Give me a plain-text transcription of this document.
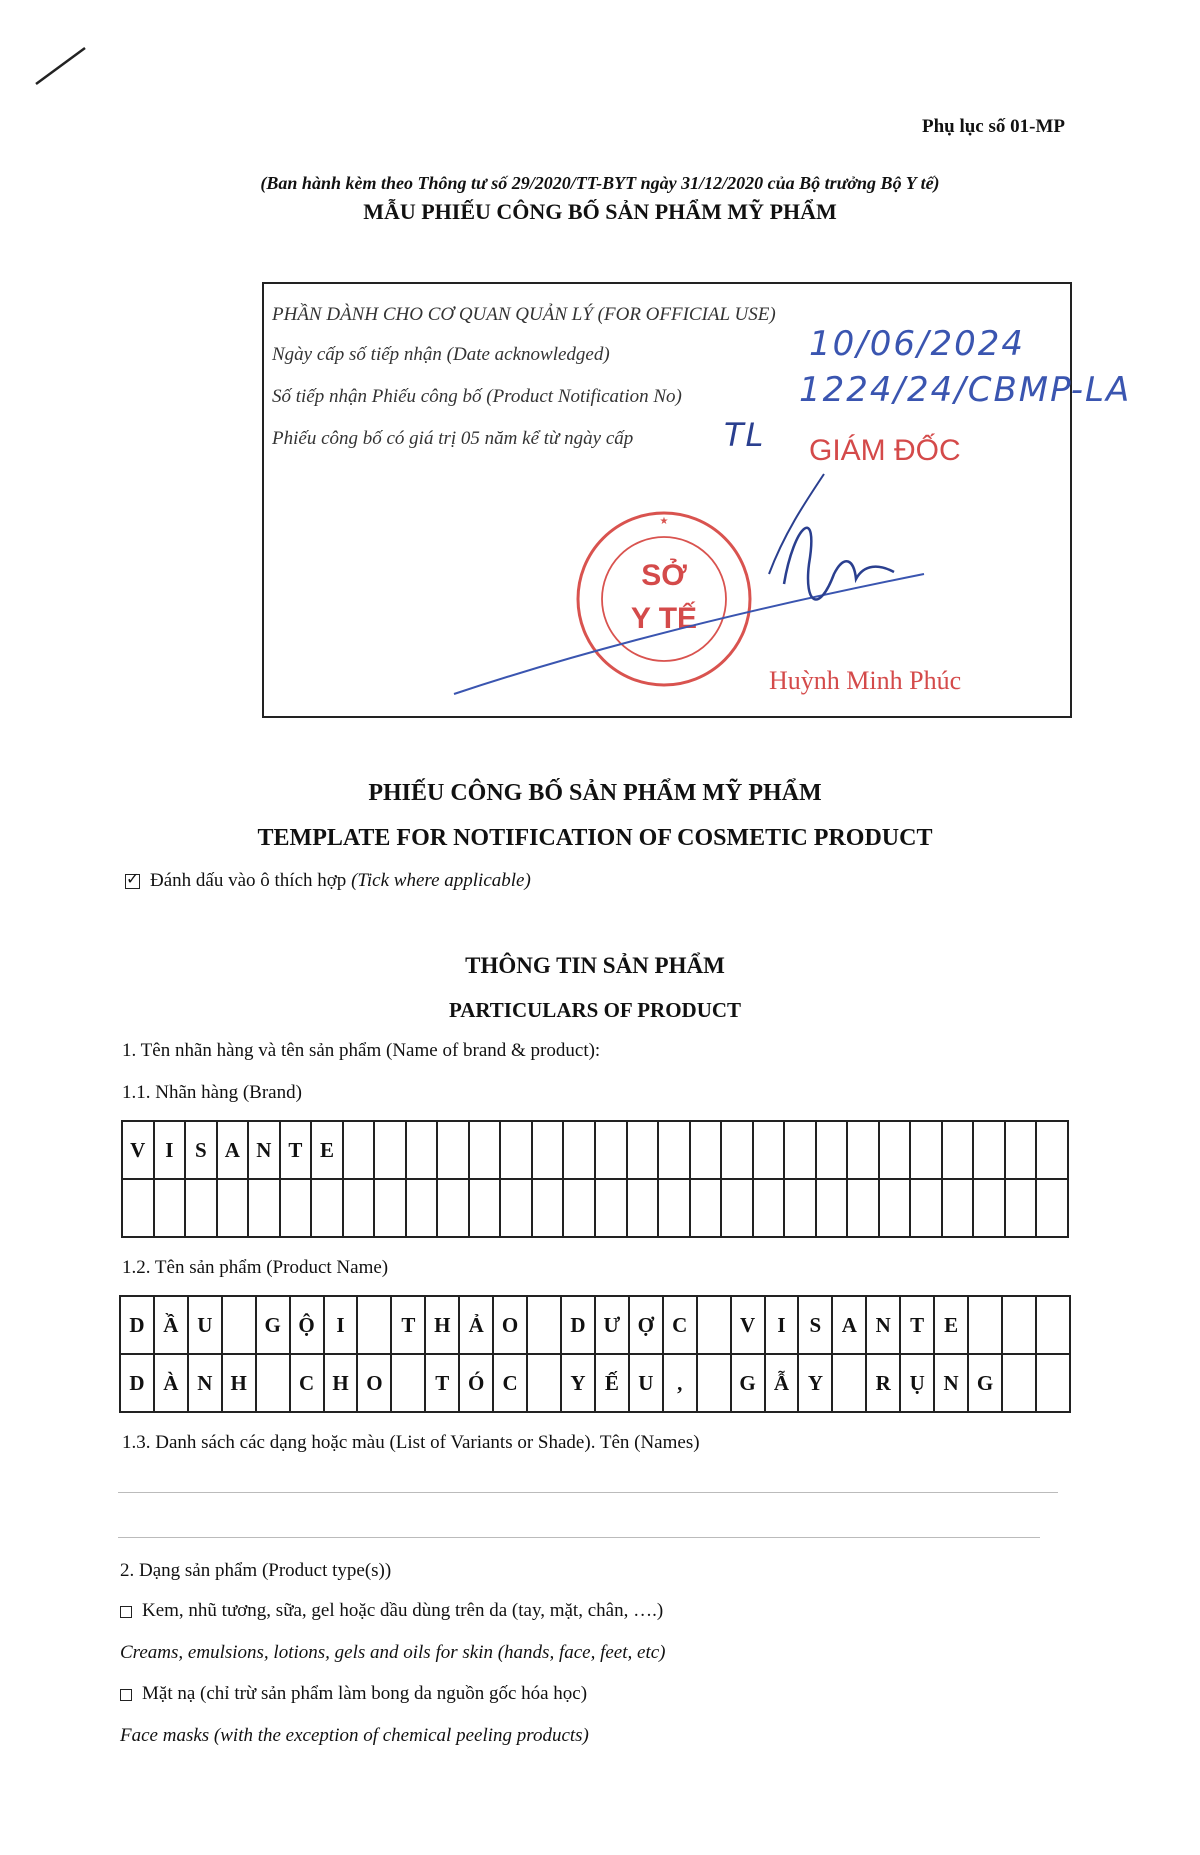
Phụ lục số 01-MP
(Ban hành kèm theo Thông tư số 29/2020/TT-BYT ngày 31/12/2020 của Bộ trưởng Bộ Y tế)
MẪU PHIẾU CÔNG BỐ SẢN PHẨM MỸ PHẨM
PHẦN DÀNH CHO CƠ QUAN QUẢN LÝ (FOR OFFICIAL USE)
Ngày cấp số tiếp nhận (Date acknowledged)
Số tiếp nhận Phiếu công bố (Product Notification No)
Phiếu công bố có giá trị 05 năm kể từ ngày cấp
10/06/2024
1224/24/CBMP-LA
TL GIÁM ĐỐC
★
SỞ
Y TẾ
Huỳnh Minh Phúc
PHIẾU CÔNG BỐ SẢN PHẨM MỸ PHẨM
TEMPLATE FOR NOTIFICATION OF COSMETIC PRODUCT
✓Đánh dấu vào ô thích hợp (Tick where applicable)
THÔNG TIN SẢN PHẨM
PARTICULARS OF PRODUCT
1. Tên nhãn hàng và tên sản phẩm (Name of brand & product):
1.1. Nhãn hàng (Brand)
V	I	S	A	N	T	E																							

1.2. Tên sản phẩm (Product Name)
D	Ầ	U		G	Ộ	I		T	H	Ả	O		D	Ư	Ợ	C		V	I	S	A	N	T	E			
D	À	N	H		C	H	O		T	Ó	C		Y	Ế	U	,		G	Ẫ	Y		R	Ụ	N	G		
1.3. Danh sách các dạng hoặc màu (List of Variants or Shade). Tên (Names)
2. Dạng sản phẩm (Product type(s))
Kem, nhũ tương, sữa, gel hoặc dầu dùng trên da (tay, mặt, chân, ….)
Creams, emulsions, lotions, gels and oils for skin (hands, face, feet, etc)
Mặt nạ (chỉ trừ sản phẩm làm bong da nguồn gốc hóa học)
Face masks (with the exception of chemical peeling products)
